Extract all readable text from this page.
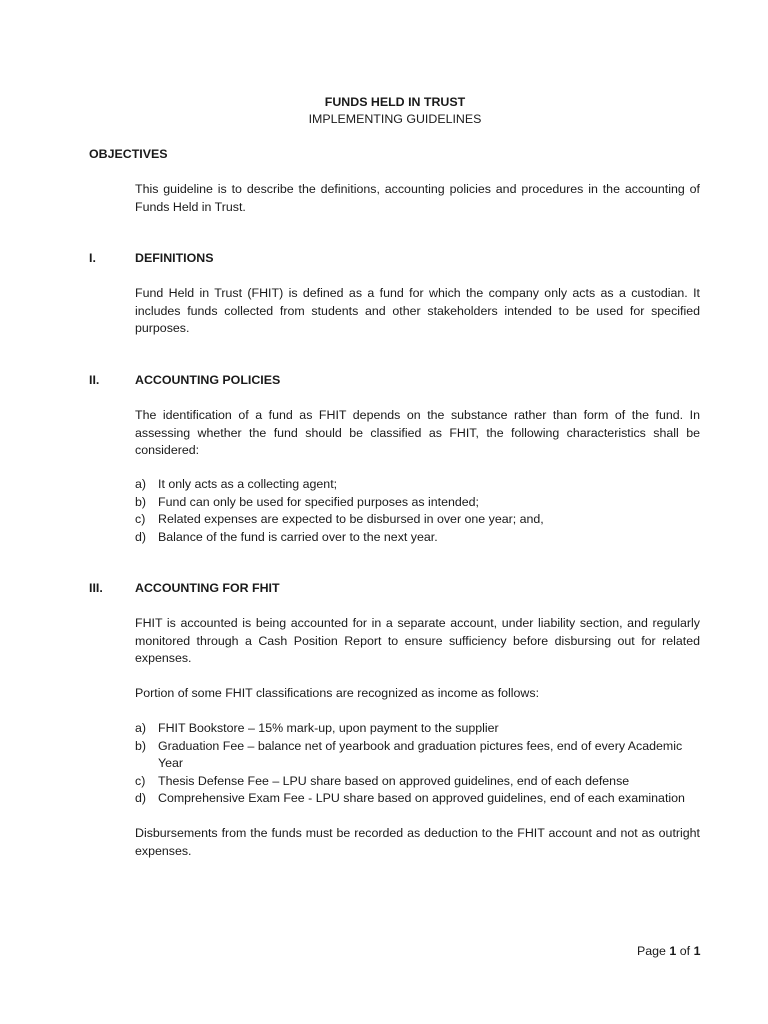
FUNDS HELD IN TRUST
IMPLEMENTING GUIDELINES
OBJECTIVES

This guideline is to describe the definitions, accounting policies and procedures in the accounting of Funds Held in Trust.

I.	DEFINITIONS

Fund Held in Trust (FHIT) is defined as a fund for which the company only acts as a custodian. It includes funds collected from students and other stakeholders intended to be used for specified purposes.

II.	ACCOUNTING POLICIES

The identification of a fund as FHIT depends on the substance rather than form of the fund. In assessing whether the fund should be classified as FHIT, the following characteristics shall be considered:

a) It only acts as a collecting agent;
b) Fund can only be used for specified purposes as intended;
c) Related expenses are expected to be disbursed in over one year; and,
d) Balance of the fund is carried over to the next year.
III.	ACCOUNTING FOR FHIT

FHIT is accounted is being accounted for in a separate account, under liability section, and regularly monitored through a Cash Position Report to ensure sufficiency before disbursing out for related expenses.

Portion of some FHIT classifications are recognized as income as follows:

a) FHIT Bookstore – 15% mark-up, upon payment to the supplier
b) Graduation Fee – balance net of yearbook and graduation pictures fees, end of every Academic Year
c) Thesis Defense Fee – LPU share based on approved guidelines, end of each defense
d) Comprehensive Exam Fee - LPU share based on approved guidelines, end of each examination

Disbursements from the funds must be recorded as deduction to the FHIT account and not as outright expenses.

Page 1 of 1
